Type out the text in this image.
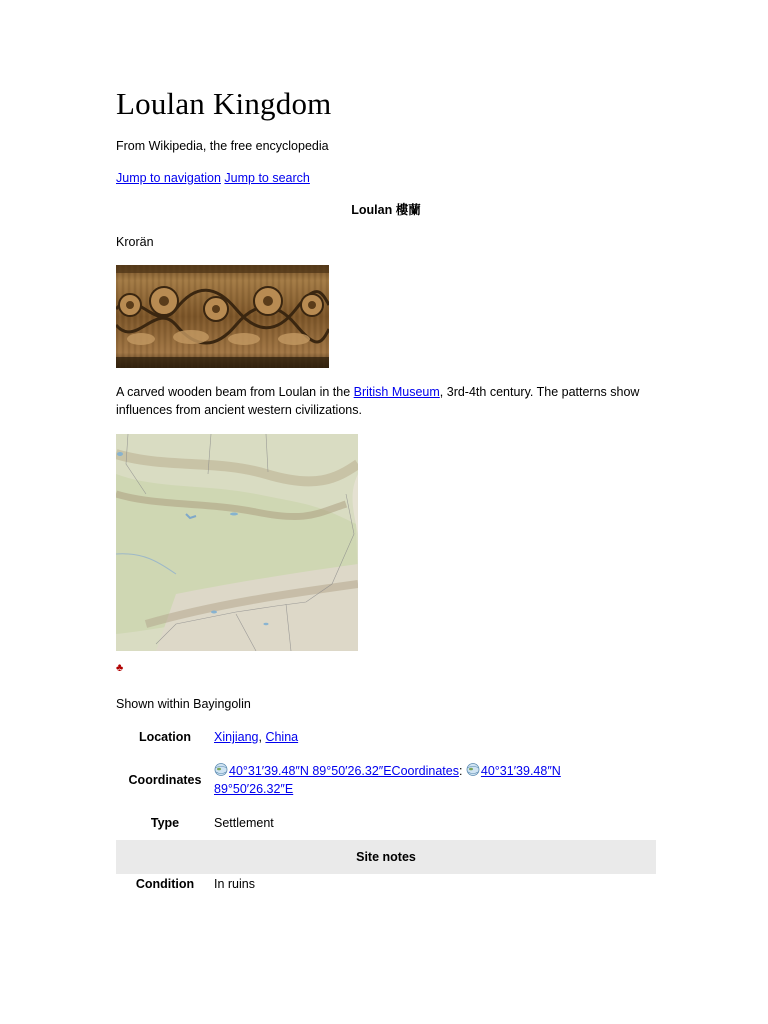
Loulan Kingdom
From Wikipedia, the free encyclopedia
Jump to navigation Jump to search
Loulan 樓蘭
Krorän
A carved wooden beam from Loulan in the British Museum, 3rd-4th century. The patterns show influences from ancient western civilizations.
♣
Shown within Bayingolin
Location	Xinjiang, China
Coordinates	40°31′39.48″N 89°50′26.32″ECoordinates: 40°31′39.48″N
89°50′26.32″E
Type	Settlement
Site notes	
Condition	In ruins
